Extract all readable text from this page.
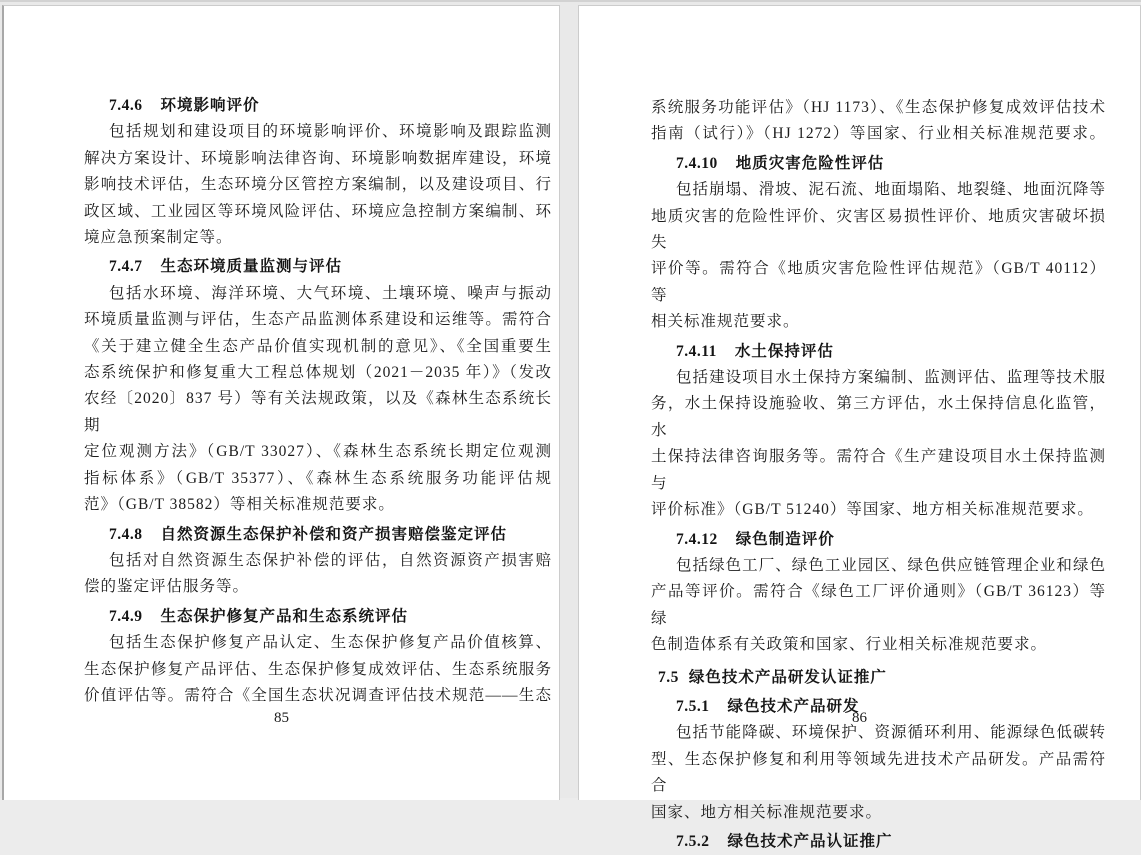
7.4.6 环境影响评价
包括规划和建设项目的环境影响评价、环境影响及跟踪监测
解决方案设计、环境影响法律咨询、环境影响数据库建设，环境
影响技术评估，生态环境分区管控方案编制，以及建设项目、行
政区域、工业园区等环境风险评估、环境应急控制方案编制、环
境应急预案制定等。
7.4.7 生态环境质量监测与评估
包括水环境、海洋环境、大气环境、土壤环境、噪声与振动
环境质量监测与评估，生态产品监测体系建设和运维等。需符合
《关于建立健全生态产品价值实现机制的意见》、《全国重要生
态系统保护和修复重大工程总体规划（2021－2035 年）》（发改
农经〔2020〕837 号）等有关法规政策，以及《森林生态系统长期
定位观测方法》（GB/T 33027）、《森林生态系统长期定位观测
指标体系》（GB/T 35377）、《森林生态系统服务功能评估规
范》（GB/T 38582）等相关标准规范要求。
7.4.8 自然资源生态保护补偿和资产损害赔偿鉴定评估
包括对自然资源生态保护补偿的评估，自然资源资产损害赔
偿的鉴定评估服务等。
7.4.9 生态保护修复产品和生态系统评估
包括生态保护修复产品认定、生态保护修复产品价值核算、
生态保护修复产品评估、生态保护修复成效评估、生态系统服务
价值评估等。需符合《全国生态状况调查评估技术规范——生态
85
系统服务功能评估》（HJ 1173）、《生态保护修复成效评估技术
指南（试行）》（HJ 1272）等国家、行业相关标准规范要求。
7.4.10 地质灾害危险性评估
包括崩塌、滑坡、泥石流、地面塌陷、地裂缝、地面沉降等
地质灾害的危险性评价、灾害区易损性评价、地质灾害破坏损失
评价等。需符合《地质灾害危险性评估规范》（GB/T 40112）等
相关标准规范要求。
7.4.11 水土保持评估
包括建设项目水土保持方案编制、监测评估、监理等技术服
务，水土保持设施验收、第三方评估，水土保持信息化监管，水
土保持法律咨询服务等。需符合《生产建设项目水土保持监测与
评价标准》（GB/T 51240）等国家、地方相关标准规范要求。
7.4.12 绿色制造评价
包括绿色工厂、绿色工业园区、绿色供应链管理企业和绿色
产品等评价。需符合《绿色工厂评价通则》（GB/T 36123）等绿
色制造体系有关政策和国家、行业相关标准规范要求。
7.5 绿色技术产品研发认证推广
7.5.1 绿色技术产品研发
包括节能降碳、环境保护、资源循环利用、能源绿色低碳转
型、生态保护修复和利用等领域先进技术产品研发。产品需符合
国家、地方相关标准规范要求。
7.5.2 绿色技术产品认证推广
86
